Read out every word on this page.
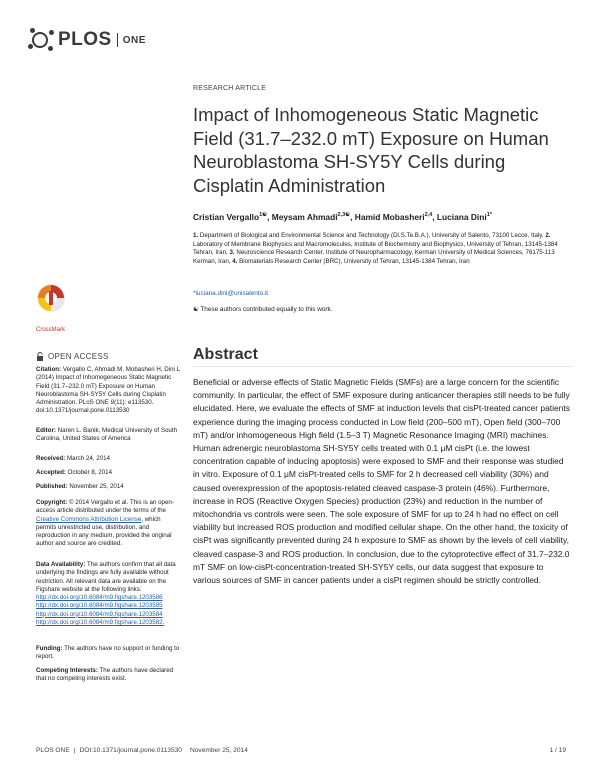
PLOS ONE
RESEARCH ARTICLE
Impact of Inhomogeneous Static Magnetic Field (31.7–232.0 mT) Exposure on Human Neuroblastoma SH-SY5Y Cells during Cisplatin Administration
Cristian Vergallo$^{1☯}$, Meysam Ahmadi$^{2,3☯}$, Hamid Mobasheri$^{2,4}$, Luciana Dini$^{1*}$
1. Department of Biological and Environmental Science and Technology (Di.S.Te.B.A.), University of Salento, 73100 Lecce, Italy, 2. Laboratory of Membrane Biophysics and Macromolecules, Institute of Biochemistry and Biophysics, University of Tehran, 13145-1384 Tehran, Iran, 3. Neuroscience Research Center, Institute of Neuropharmacology, Kerman University of Medical Sciences, 76175-113 Kerman, Iran, 4. Biomaterials Research Center (BRC), University of Tehran, 13145-1384 Tehran, Iran
*luciana.dini@unisalento.it
☯ These authors contributed equally to this work.
CrossMark
OPEN ACCESS
Citation: Vergallo C, Ahmadi M, Mobasheri H, Dini L (2014) Impact of Inhomogeneous Static Magnetic Field (31.7–232.0 mT) Exposure on Human Neuroblastoma SH-SY5Y Cells during Cisplatin Administration. PLoS ONE 9(11): e113530. doi:10.1371/journal.pone.0113530
Editor: Naren L. Banik, Medical University of South Carolina, United States of America
Received: March 24, 2014
Accepted: October 8, 2014
Published: November 25, 2014
Copyright: © 2014 Vergallo et al. This is an open-access article distributed under the terms of the Creative Commons Attribution License, which permits unrestricted use, distribution, and reproduction in any medium, provided the original author and source are credited.
Data Availability: The authors confirm that all data underlying the findings are fully available without restriction. All relevant data are available on the Figshare website at the following links: http://dx.doi.org/10.6084/m9.figshare.1203586 http://dx.doi.org/10.6084/m9.figshare.1203585 http://dx.doi.org/10.6084/m9.figshare.1203584 http://dx.doi.org/10.6084/m9.figshare.1203582.
Funding: The authors have no support or funding to report.
Competing Interests: The authors have declared that no competing interests exist.
Abstract

Beneficial or adverse effects of Static Magnetic Fields (SMFs) are a large concern for the scientific community. In particular, the effect of SMF exposure during anticancer therapies still needs to be fully elucidated. Here, we evaluate the effects of SMF at induction levels that cisPt-treated cancer patients experience during the imaging process conducted in Low field (200–500 mT), Open field (300–700 mT) and/or inhomogeneous High field (1.5–3 T) Magnetic Resonance Imaging (MRI) machines. Human adrenergic neuroblastoma SH-SY5Y cells treated with 0.1 μM cisPt (i.e. the lowest concentration capable of inducing apoptosis) were exposed to SMF and their response was studied in vitro. Exposure of 0.1 μM cisPt-treated cells to SMF for 2 h decreased cell viability (30%) and caused overexpression of the apoptosis-related cleaved caspase-3 protein (46%). Furthermore, increase in ROS (Reactive Oxygen Species) production (23%) and reduction in the number of mitochondria vs controls were seen. The sole exposure of SMF for up to 24 h had no effect on cell viability but increased ROS production and modified cellular shape. On the other hand, the toxicity of cisPt was significantly prevented during 24 h exposure to SMF as shown by the levels of cell viability, cleaved caspase-3 and ROS production. In conclusion, due to the cytoprotective effect of 31.7–232.0 mT SMF on low-cisPt-concentration-treated SH-SY5Y cells, our data suggest that exposure to various sources of SMF in cancer patients under a cisPt regimen should be strictly controlled.

PLOS ONE | DOI:10.1371/journal.pone.0113530 November 25, 2014	1 / 19
